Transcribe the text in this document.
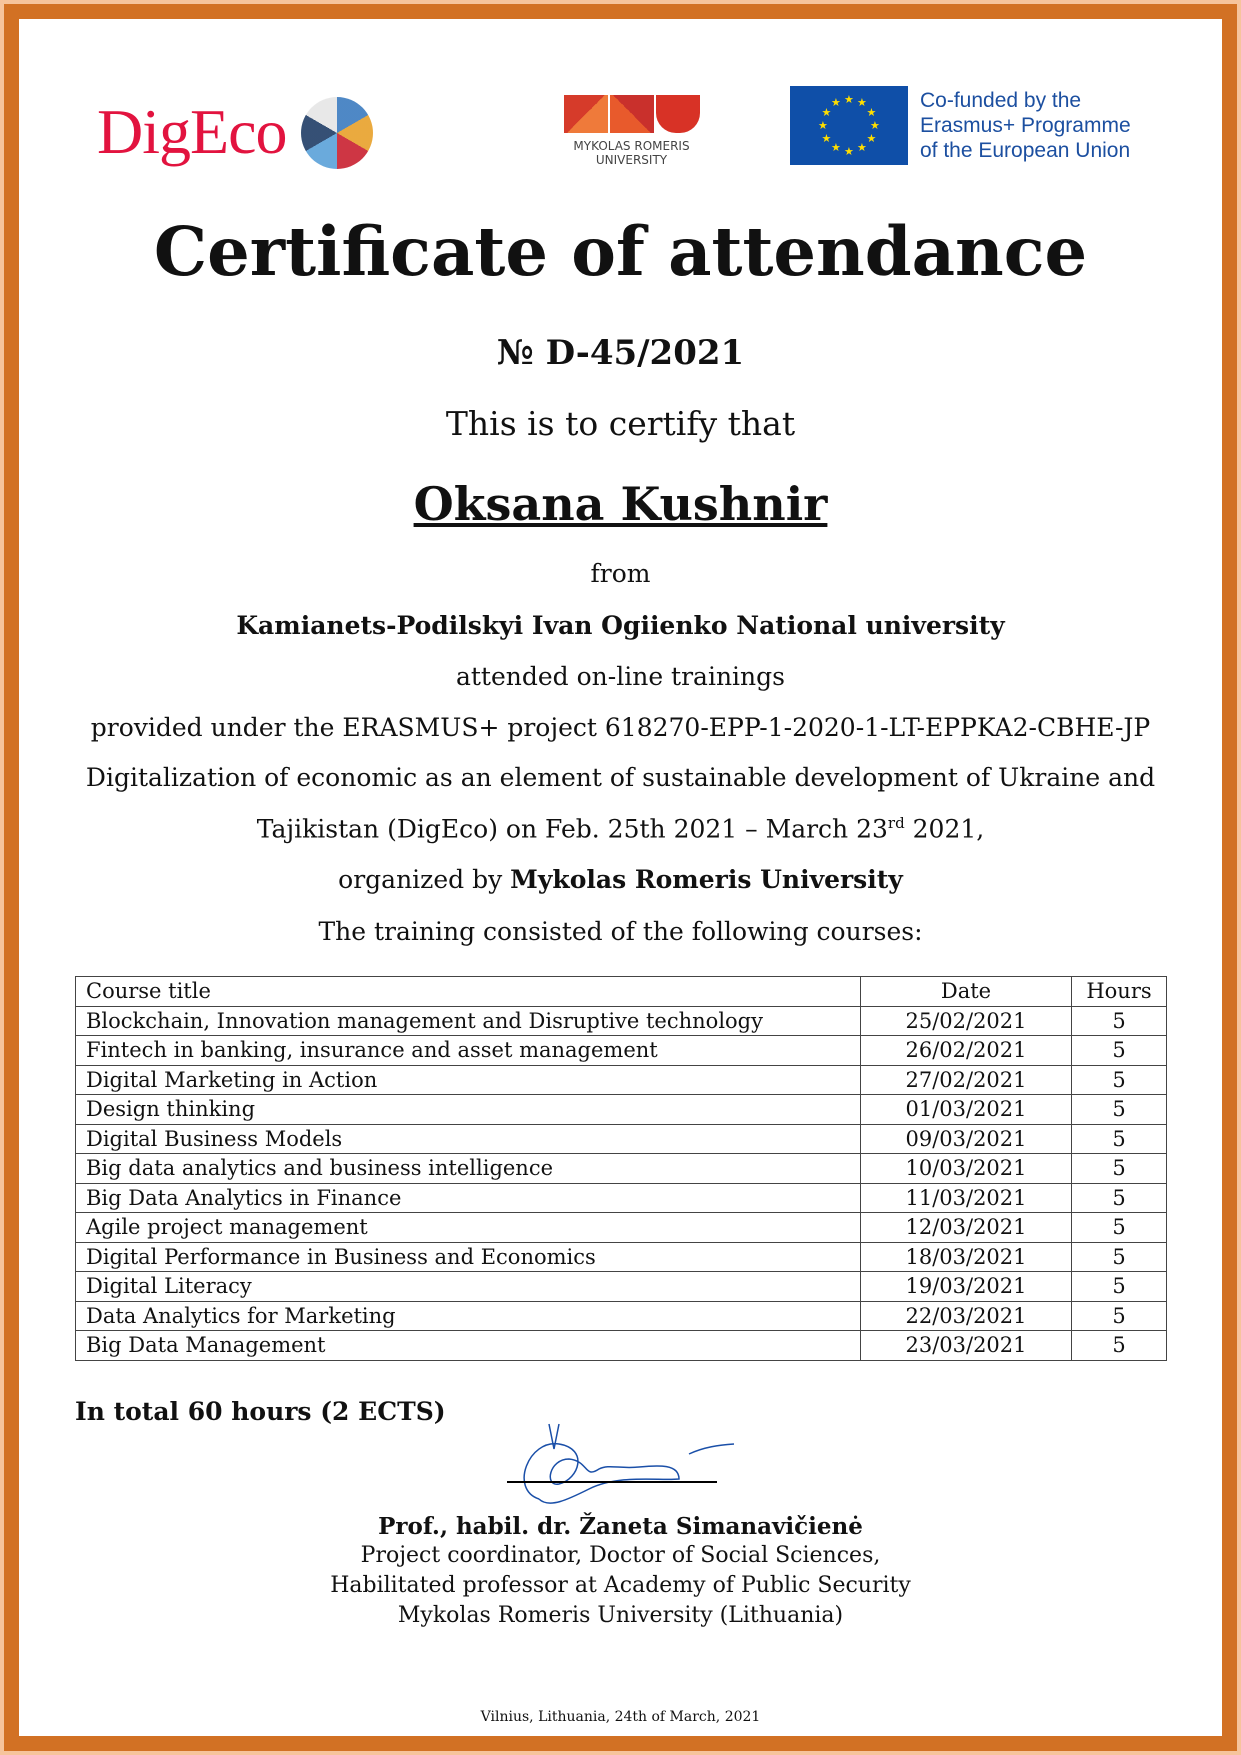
DigEco	MYKOLAS ROMERIS
UNIVERSITY
★ ★
★
★
★
★
★
★
★
★
★
★	Co-funded by the
Erasmus+ Programme
of the European Union
Certificate of attendance
№ D-45/2021
This is to certify that
Oksana Kushnir
from
Kamianets-Podilskyi Ivan Ogiienko National university
attended on-line trainings
provided under the ERASMUS+ project 618270-EPP-1-2020-1-LT-EPPKA2-CBHE-JP
Digitalization of economic as an element of sustainable development of Ukraine and
Tajikistan (DigEco) on Feb. 25th 2021 – March 23rd 2021,
organized by Mykolas Romeris University
The training consisted of the following courses:
Course title	Date	Hours
Blockchain, Innovation management and Disruptive technology	25/02/2021	5
Fintech in banking, insurance and asset management	26/02/2021	5
Digital Marketing in Action	27/02/2021	5
Design thinking	01/03/2021	5
Digital Business Models	09/03/2021	5
Big data analytics and business intelligence	10/03/2021	5
Big Data Analytics in Finance	11/03/2021	5
Agile project management	12/03/2021	5
Digital Performance in Business and Economics	18/03/2021	5
Digital Literacy	19/03/2021	5
Data Analytics for Marketing	22/03/2021	5
Big Data Management	23/03/2021	5
In total 60 hours (2 ECTS)
Prof., habil. dr. Žaneta Simanavičienė
Project coordinator, Doctor of Social Sciences,
Habilitated professor at Academy of Public Security
Mykolas Romeris University (Lithuania)
Vilnius, Lithuania, 24th of March, 2021
